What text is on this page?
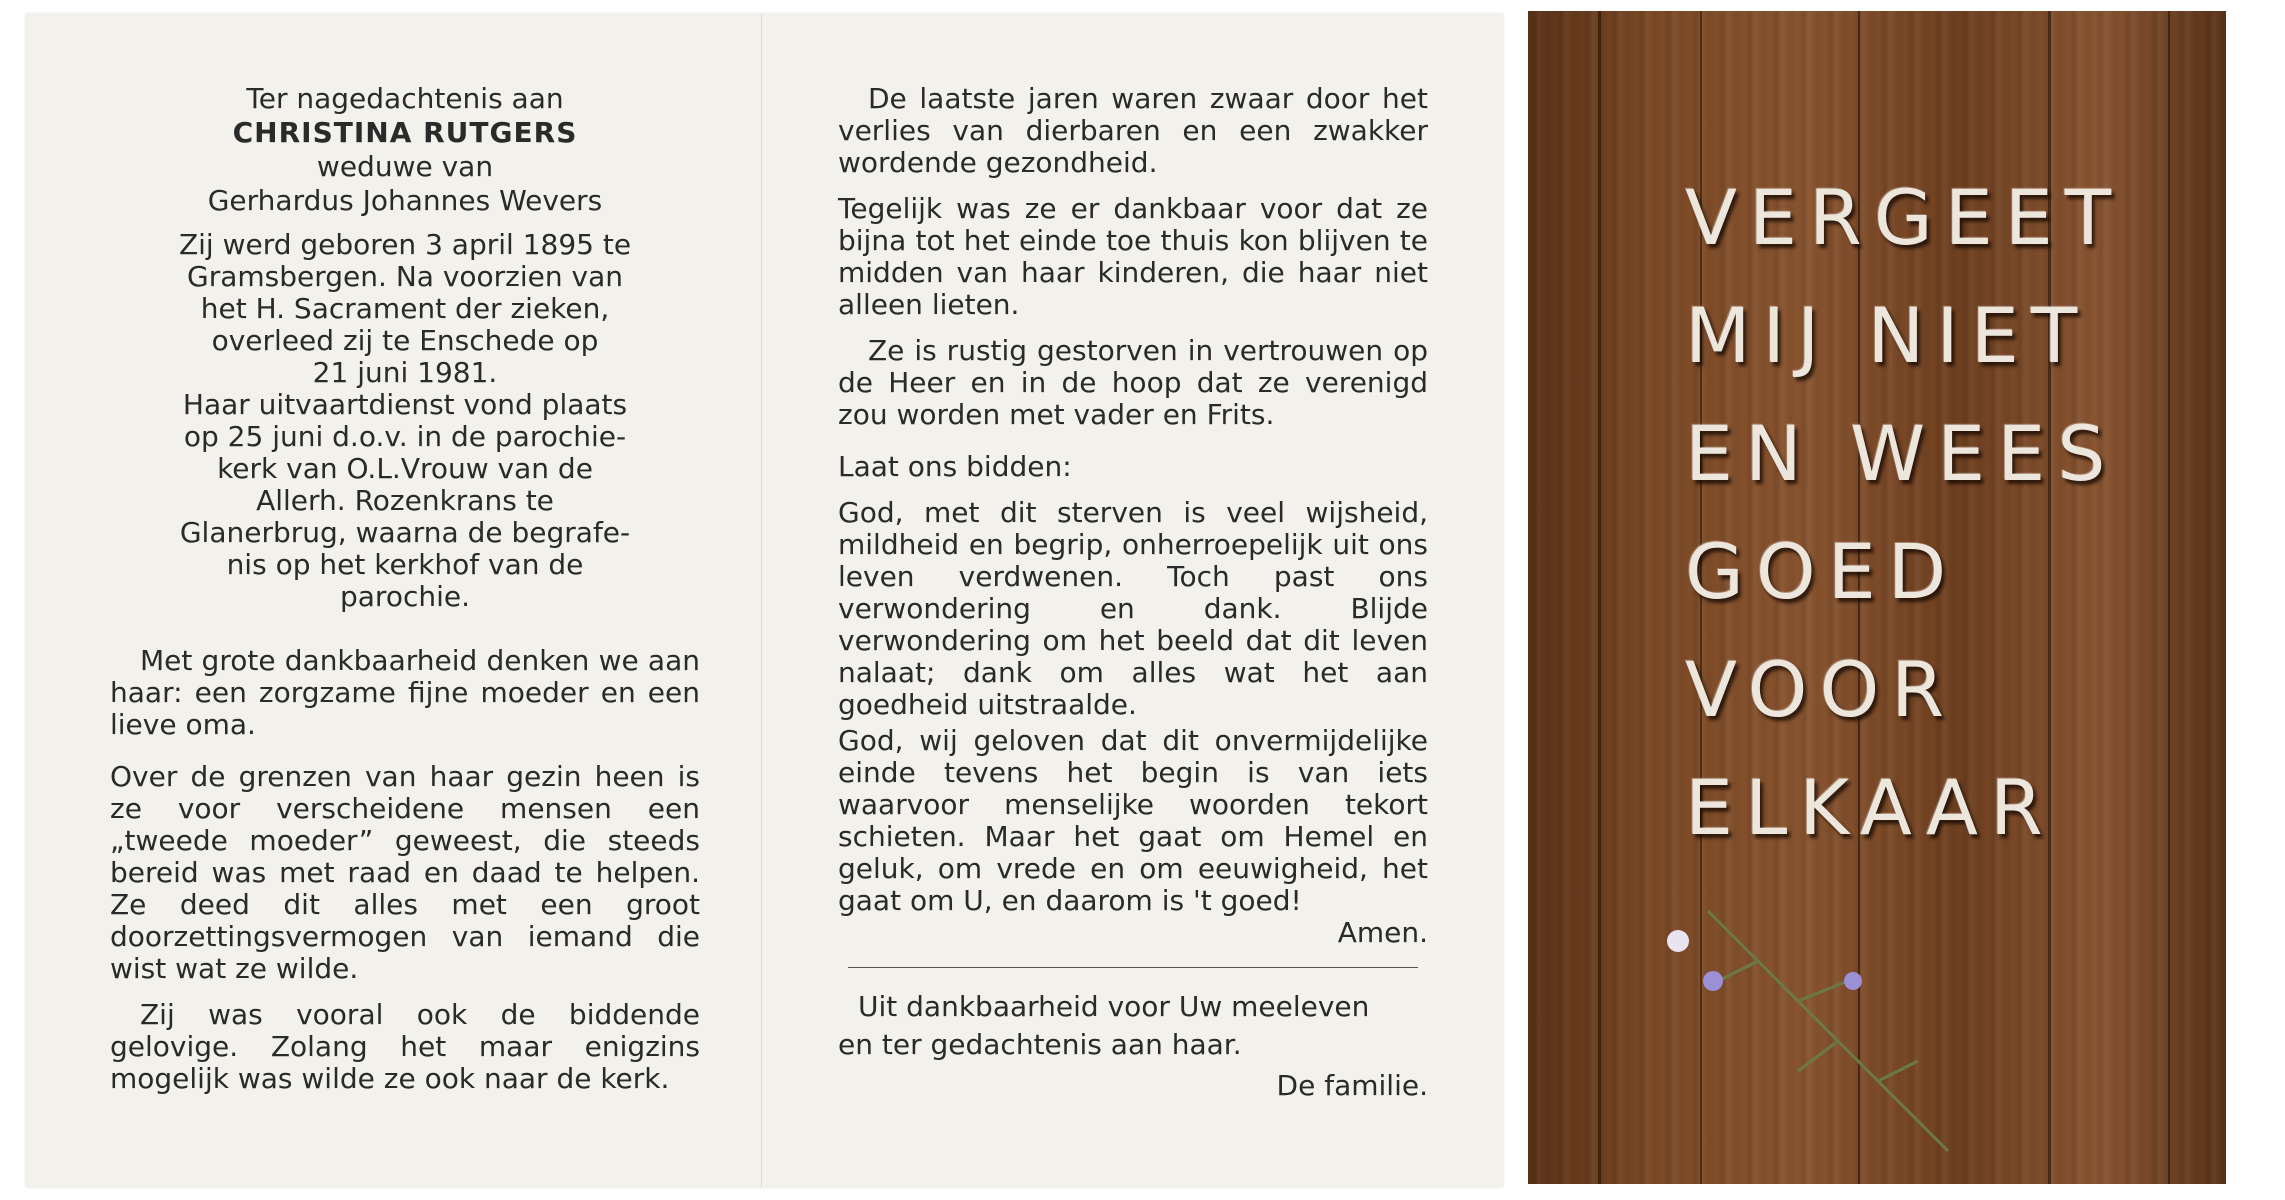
Ter nagedachtenis aan
CHRISTINA RUTGERS
weduwe van
Gerhardus Johannes Wevers
Zij werd geboren 3 april 1895 te
Gramsbergen. Na voorzien van
het H. Sacrament der zieken,
overleed zij te Enschede op
21 juni 1981.
Haar uitvaartdienst vond plaats
op 25 juni d.o.v. in de parochie-
kerk van O.L.Vrouw van de
Allerh. Rozenkrans te
Glanerbrug, waarna de begrafe-
nis op het kerkhof van de
parochie.

Met grote dankbaarheid denken we aan haar: een zorgzame fijne moeder en een lieve oma.

Over de grenzen van haar gezin heen is ze voor verscheidene mensen een „tweede moeder” geweest, die steeds bereid was met raad en daad te helpen. Ze deed dit alles met een groot doorzettingsvermogen van iemand die wist wat ze wilde.

Zij was vooral ook de biddende gelovige. Zolang het maar enigzins mogelijk was wilde ze ook naar de kerk.

De laatste jaren waren zwaar door het verlies van dierbaren en een zwakker wordende gezondheid.

Tegelijk was ze er dankbaar voor dat ze bijna tot het einde toe thuis kon blijven te midden van haar kinderen, die haar niet alleen lieten.

Ze is rustig gestorven in vertrouwen op de Heer en in de hoop dat ze verenigd zou worden met vader en Frits.

Laat ons bidden:

God, met dit sterven is veel wijsheid, mildheid en begrip, onherroepelijk uit ons leven verdwenen. Toch past ons verwondering en dank. Blijde verwondering om het beeld dat dit leven nalaat; dank om alles wat het aan goedheid uitstraalde.

God, wij geloven dat dit onvermijdelijke einde tevens het begin is van iets waarvoor menselijke woorden tekort schieten. Maar het gaat om Hemel en geluk, om vrede en om eeuwigheid, het gaat om U, en daarom is 't goed!

Amen.
Uit dankbaarheid voor Uw meeleven
en ter gedachtenis aan haar.
De familie.
VERGEET
MIJ NIET
EN WEES
GOED
VOOR
ELKAAR
